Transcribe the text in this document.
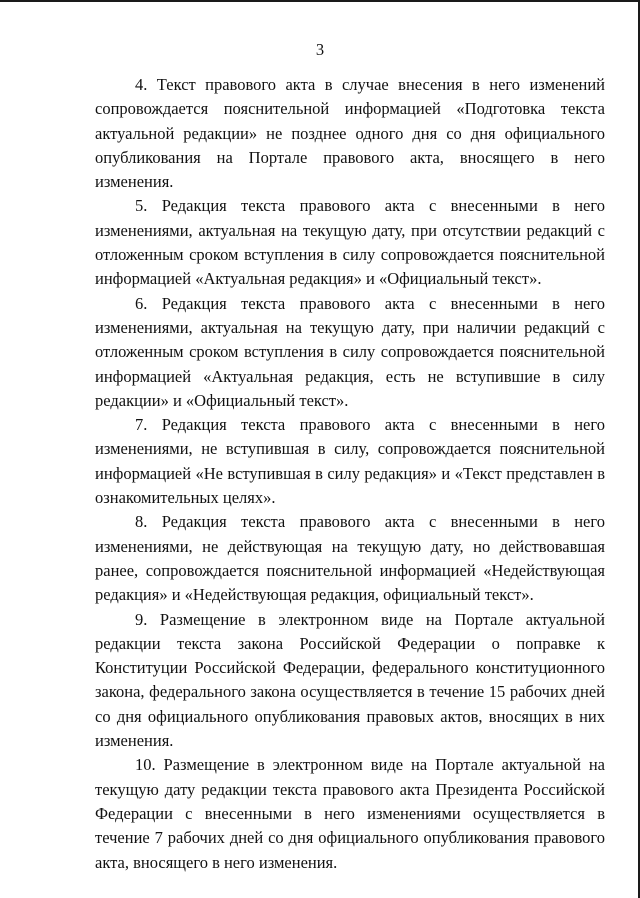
3

4. Текст правового акта в случае внесения в него изменений сопровождается пояснительной информацией «Подготовка текста актуальной редакции» не позднее одного дня со дня официального опубликования на Портале правового акта, вносящего в него изменения.

5. Редакция текста правового акта с внесенными в него изменениями, актуальная на текущую дату, при отсутствии редакций с отложенным сроком вступления в силу сопровождается пояснительной информацией «Актуальная редакция» и «Официальный текст».

6. Редакция текста правового акта с внесенными в него изменениями, актуальная на текущую дату, при наличии редакций с отложенным сроком вступления в силу сопровождается пояснительной информацией «Актуальная редакция, есть не вступившие в силу редакции» и «Официальный текст».

7. Редакция текста правового акта с внесенными в него изменениями, не вступившая в силу, сопровождается пояснительной информацией «Не вступившая в силу редакция» и «Текст представлен в ознакомительных целях».

8. Редакция текста правового акта с внесенными в него изменениями, не действующая на текущую дату, но действовавшая ранее, сопровождается пояснительной информацией «Недействующая редакция» и «Недействующая редакция, официальный текст».

9. Размещение в электронном виде на Портале актуальной редакции текста закона Российской Федерации о поправке к Конституции Российской Федерации, федерального конституционного закона, федерального закона осуществляется в течение 15 рабочих дней со дня официального опубликования правовых актов, вносящих в них изменения.

10. Размещение в электронном виде на Портале актуальной на текущую дату редакции текста правового акта Президента Российской Федерации с внесенными в него изменениями осуществляется в течение 7 рабочих дней со дня официального опубликования правового акта, вносящего в него изменения.
